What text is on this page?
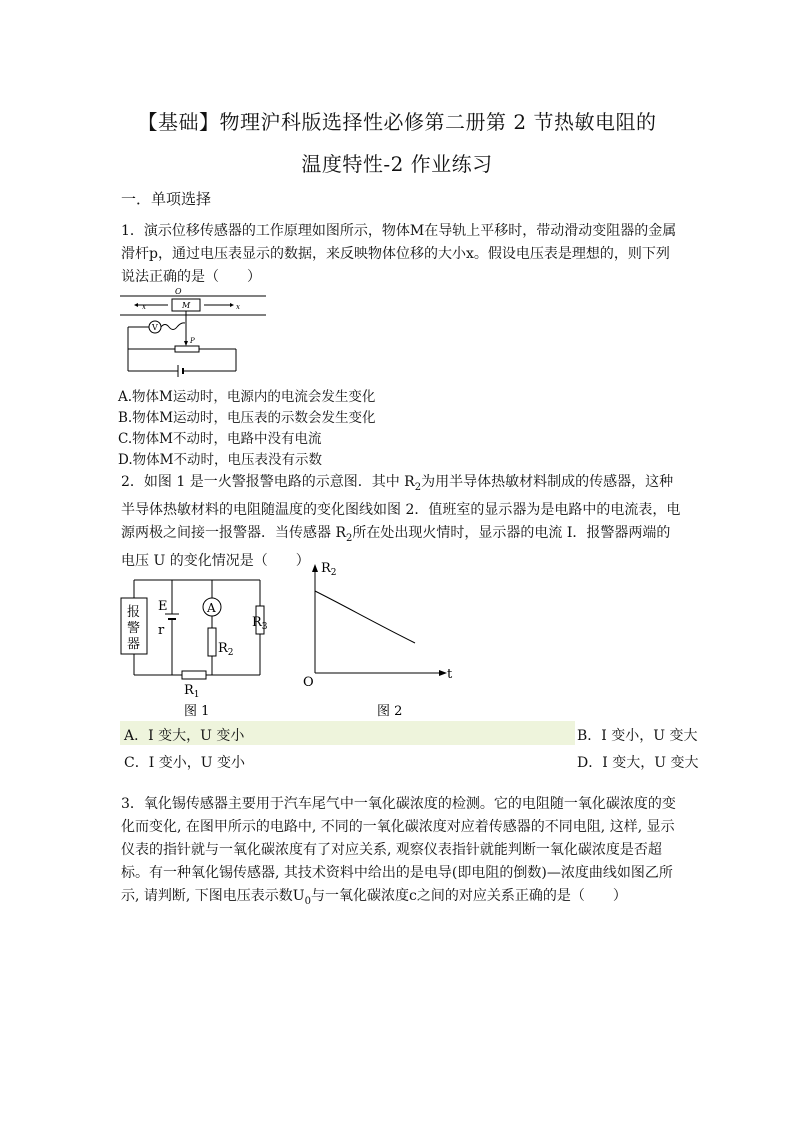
【基础】物理沪科版选择性必修第二册第 2 节热敏电阻的
温度特性-2 作业练习
一．单项选择

1．演示位移传感器的工作原理如图所示，物体M在导轨上平移时，带动滑动变阻器的金属滑杆p，通过电压表显示的数据，来反映物体位移的大小x。假设电压表是理想的，则下列说法正确的是（　　）

O
M
x	x
P
V
A.物体M运动时，电源内的电流会发生变化
B.物体M运动时，电压表的示数会发生变化
C.物体M不动时，电路中没有电流
D.物体M不动时，电压表没有示数

2．如图 1 是一火警报警电路的示意图．其中 $R_2$为用半导体热敏材料制成的传感器，这种半导体热敏材料的电阻随温度的变化图线如图 2．值班室的显示器为是电路中的电流表，电源两极之间接一报警器．当传感器 $R_2$所在处出现火情时，显示器的电流 I．报警器两端的电压 U 的变化情况是（　　）

报
警
器
$R_1$
E
r
A
$R_2$
$R_3$
图 1
$R_2$
t
O
图 2
A．I 变大，U 变小	B．I 变小，U 变大
C．I 变小，U 变小	D．I 变大，U 变大

3．氧化锡传感器主要用于汽车尾气中一氧化碳浓度的检测。它的电阻随一氧化碳浓度的变化而变化, 在图甲所示的电路中, 不同的一氧化碳浓度对应着传感器的不同电阻, 这样, 显示仪表的指针就与一氧化碳浓度有了对应关系, 观察仪表指针就能判断一氧化碳浓度是否超标。有一种氧化锡传感器, 其技术资料中给出的是电导(即电阻的倒数)—浓度曲线如图乙所示, 请判断, 下图电压表示数$U_0$与一氧化碳浓度c之间的对应关系正确的是（　　）
